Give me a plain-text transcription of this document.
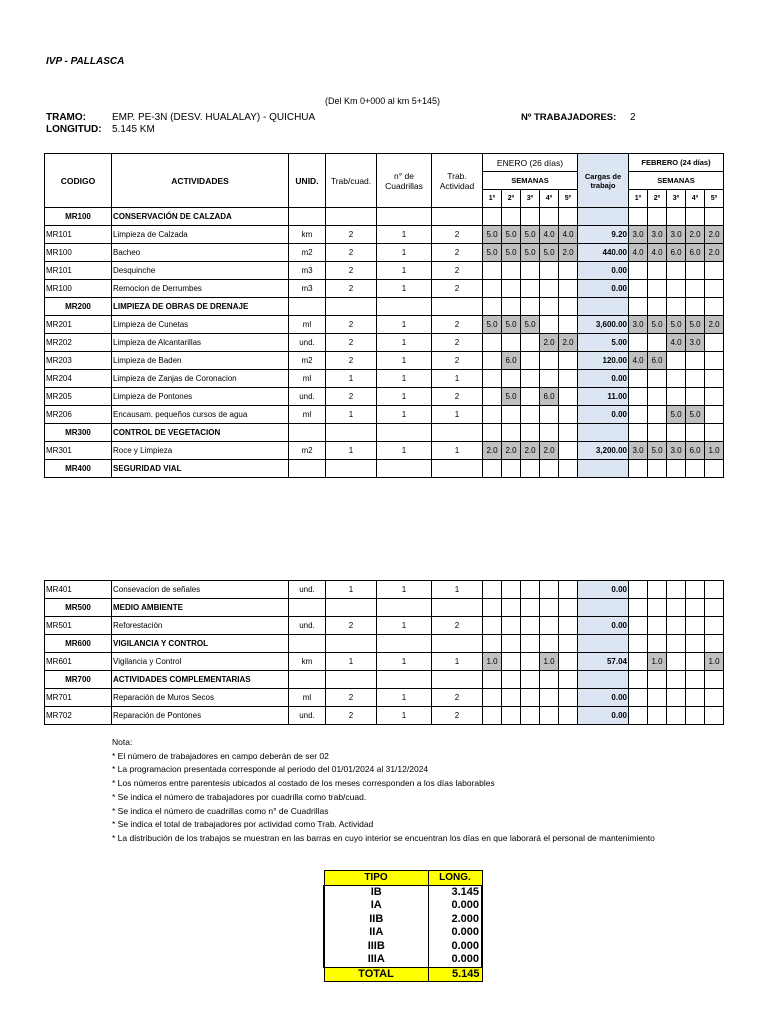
IVP - PALLASCA
(Del Km 0+000 al km 5+145)
TRAMO:	EMP. PE-3N (DESV. HUALALAY) - QUICHUA
LONGITUD: 5.145 KM
Nº TRABAJADORES: 2
CODIGO	ACTIVIDADES	UNID.	Trab/cuad.	n° de Cuadrillas	Trab. Actividad	ENERO (26 días)					Cargas de trabajo	FEBRERO (24 días)				
						SEMANAS						SEMANAS				
						1º	2º	3º	4º	5º		1º	2º	3º	4º	5º
MR100	CONSERVACIÓN DE CALZADA															
MR101	Limpieza de Calzada	km	2	1	2	5.0	5.0	5.0	4.0	4.0	9.20	3.0	3.0	3.0	2.0	2.0
MR100	Bacheo	m2	2	1	2	5.0	5.0	5.0	5.0	2.0	440.00	4.0	4.0	6.0	6.0	2.0
MR101	Desquinche	m3	2	1	2						0.00					
MR100	Remocion de Derrumbes	m3	2	1	2						0.00					
MR200	LIMPIEZA DE OBRAS DE DRENAJE															
MR201	Limpieza de Cunetas	ml	2	1	2	5.0	5.0	5.0			3,600.00	3.0	5.0	5.0	5.0	2.0
MR202	Limpieza de Alcantarillas	und.	2	1	2				2.0	2.0	5.00			4.0	3.0	
MR203	Limpieza de Baden	m2	2	1	2		6.0				120.00	4.0	6.0			
MR204	Limpieza de Zanjas de Coronacion	ml	1	1	1						0.00					
MR205	Limpieza de Pontones	und.	2	1	2		5.0		6.0		11.00					
MR206	Encausam. pequeños cursos de agua	ml	1	1	1						0.00			5.0	5.0	
MR300	CONTROL DE VEGETACION															
MR301	Roce y Limpieza	m2	1	1	1	2.0	2.0	2.0	2.0		3,200.00	3.0	5.0	3.0	6.0	1.0
MR400	SEGURIDAD VIAL															
MR401	Consevacion de señales	und.	1	1	1						0.00					
MR500	MEDIO AMBIENTE															
MR501	Reforestación	und.	2	1	2						0.00					
MR600	VIGILANCIA Y CONTROL															
MR601	Vigilancia y Control	km	1	1	1	1.0			1.0		57.04		1.0			1.0
MR700	ACTIVIDADES COMPLEMENTARIAS															
MR701	Reparación de Muros Secos	ml	2	1	2						0.00					
MR702	Reparación de Pontones	und.	2	1	2						0.00					
Nota:
* El número de trabajadores en campo deberán de ser 02
* La programacion presentada corresponde al periodo del 01/01/2024 al 31/12/2024
* Los números entre parentesis ubicados al costado de los meses corresponden a los días laborables
* Se indica el número de trabajadores por cuadrilla como trab/cuad.
* Se indica el número de cuadrillas como n° de Cuadrillas
* Se indica el total de trabajadores por actividad como Trab. Actividad
* La distribución de los trabajos se muestran en las barras en cuyo interior se encuentran los días en que laborará el personal de mantenimiento
TIPO	LONG.
IB	3.145
IA	0.000
IIB	2.000
IIA	0.000
IIIB	0.000
IIIA	0.000
TOTAL	5.145
